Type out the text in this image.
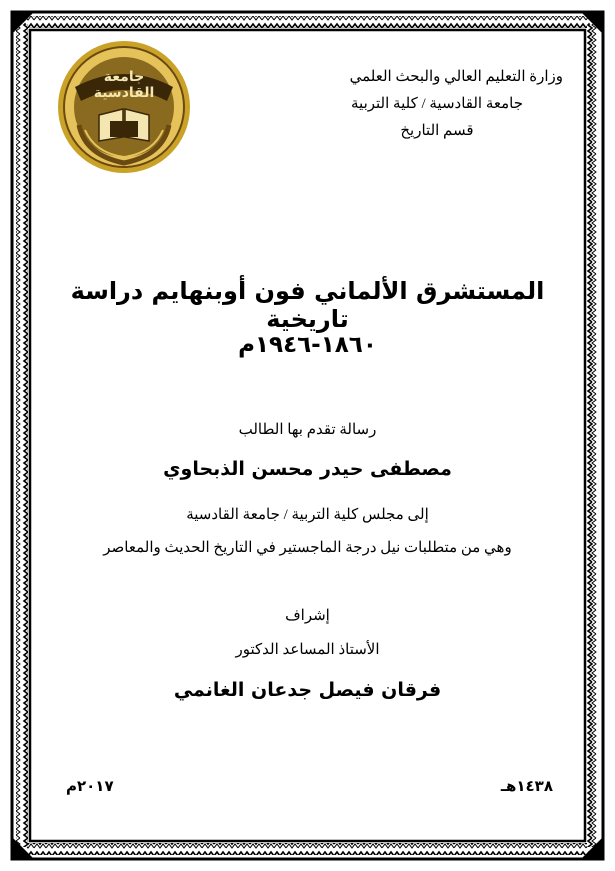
جامعة القادسية
وزارة التعليم العالي والبحث العلمي
جامعة القادسية / كلية التربية
قسم التاريخ
المستشرق الألماني فون أوبنهايم دراسة تاريخية
١٨٦٠-١٩٤٦م
رسالة تقدم بها الطالب
مصطفى حيدر محسن الذبحاوي
إلى مجلس كلية التربية / جامعة القادسية
وهي من متطلبات نيل درجة الماجستير في التاريخ الحديث والمعاصر
إشراف
الأستاذ المساعد الدكتور
فرقان فيصل جدعان الغانمي
١٤٣٨هـ
٢٠١٧م
